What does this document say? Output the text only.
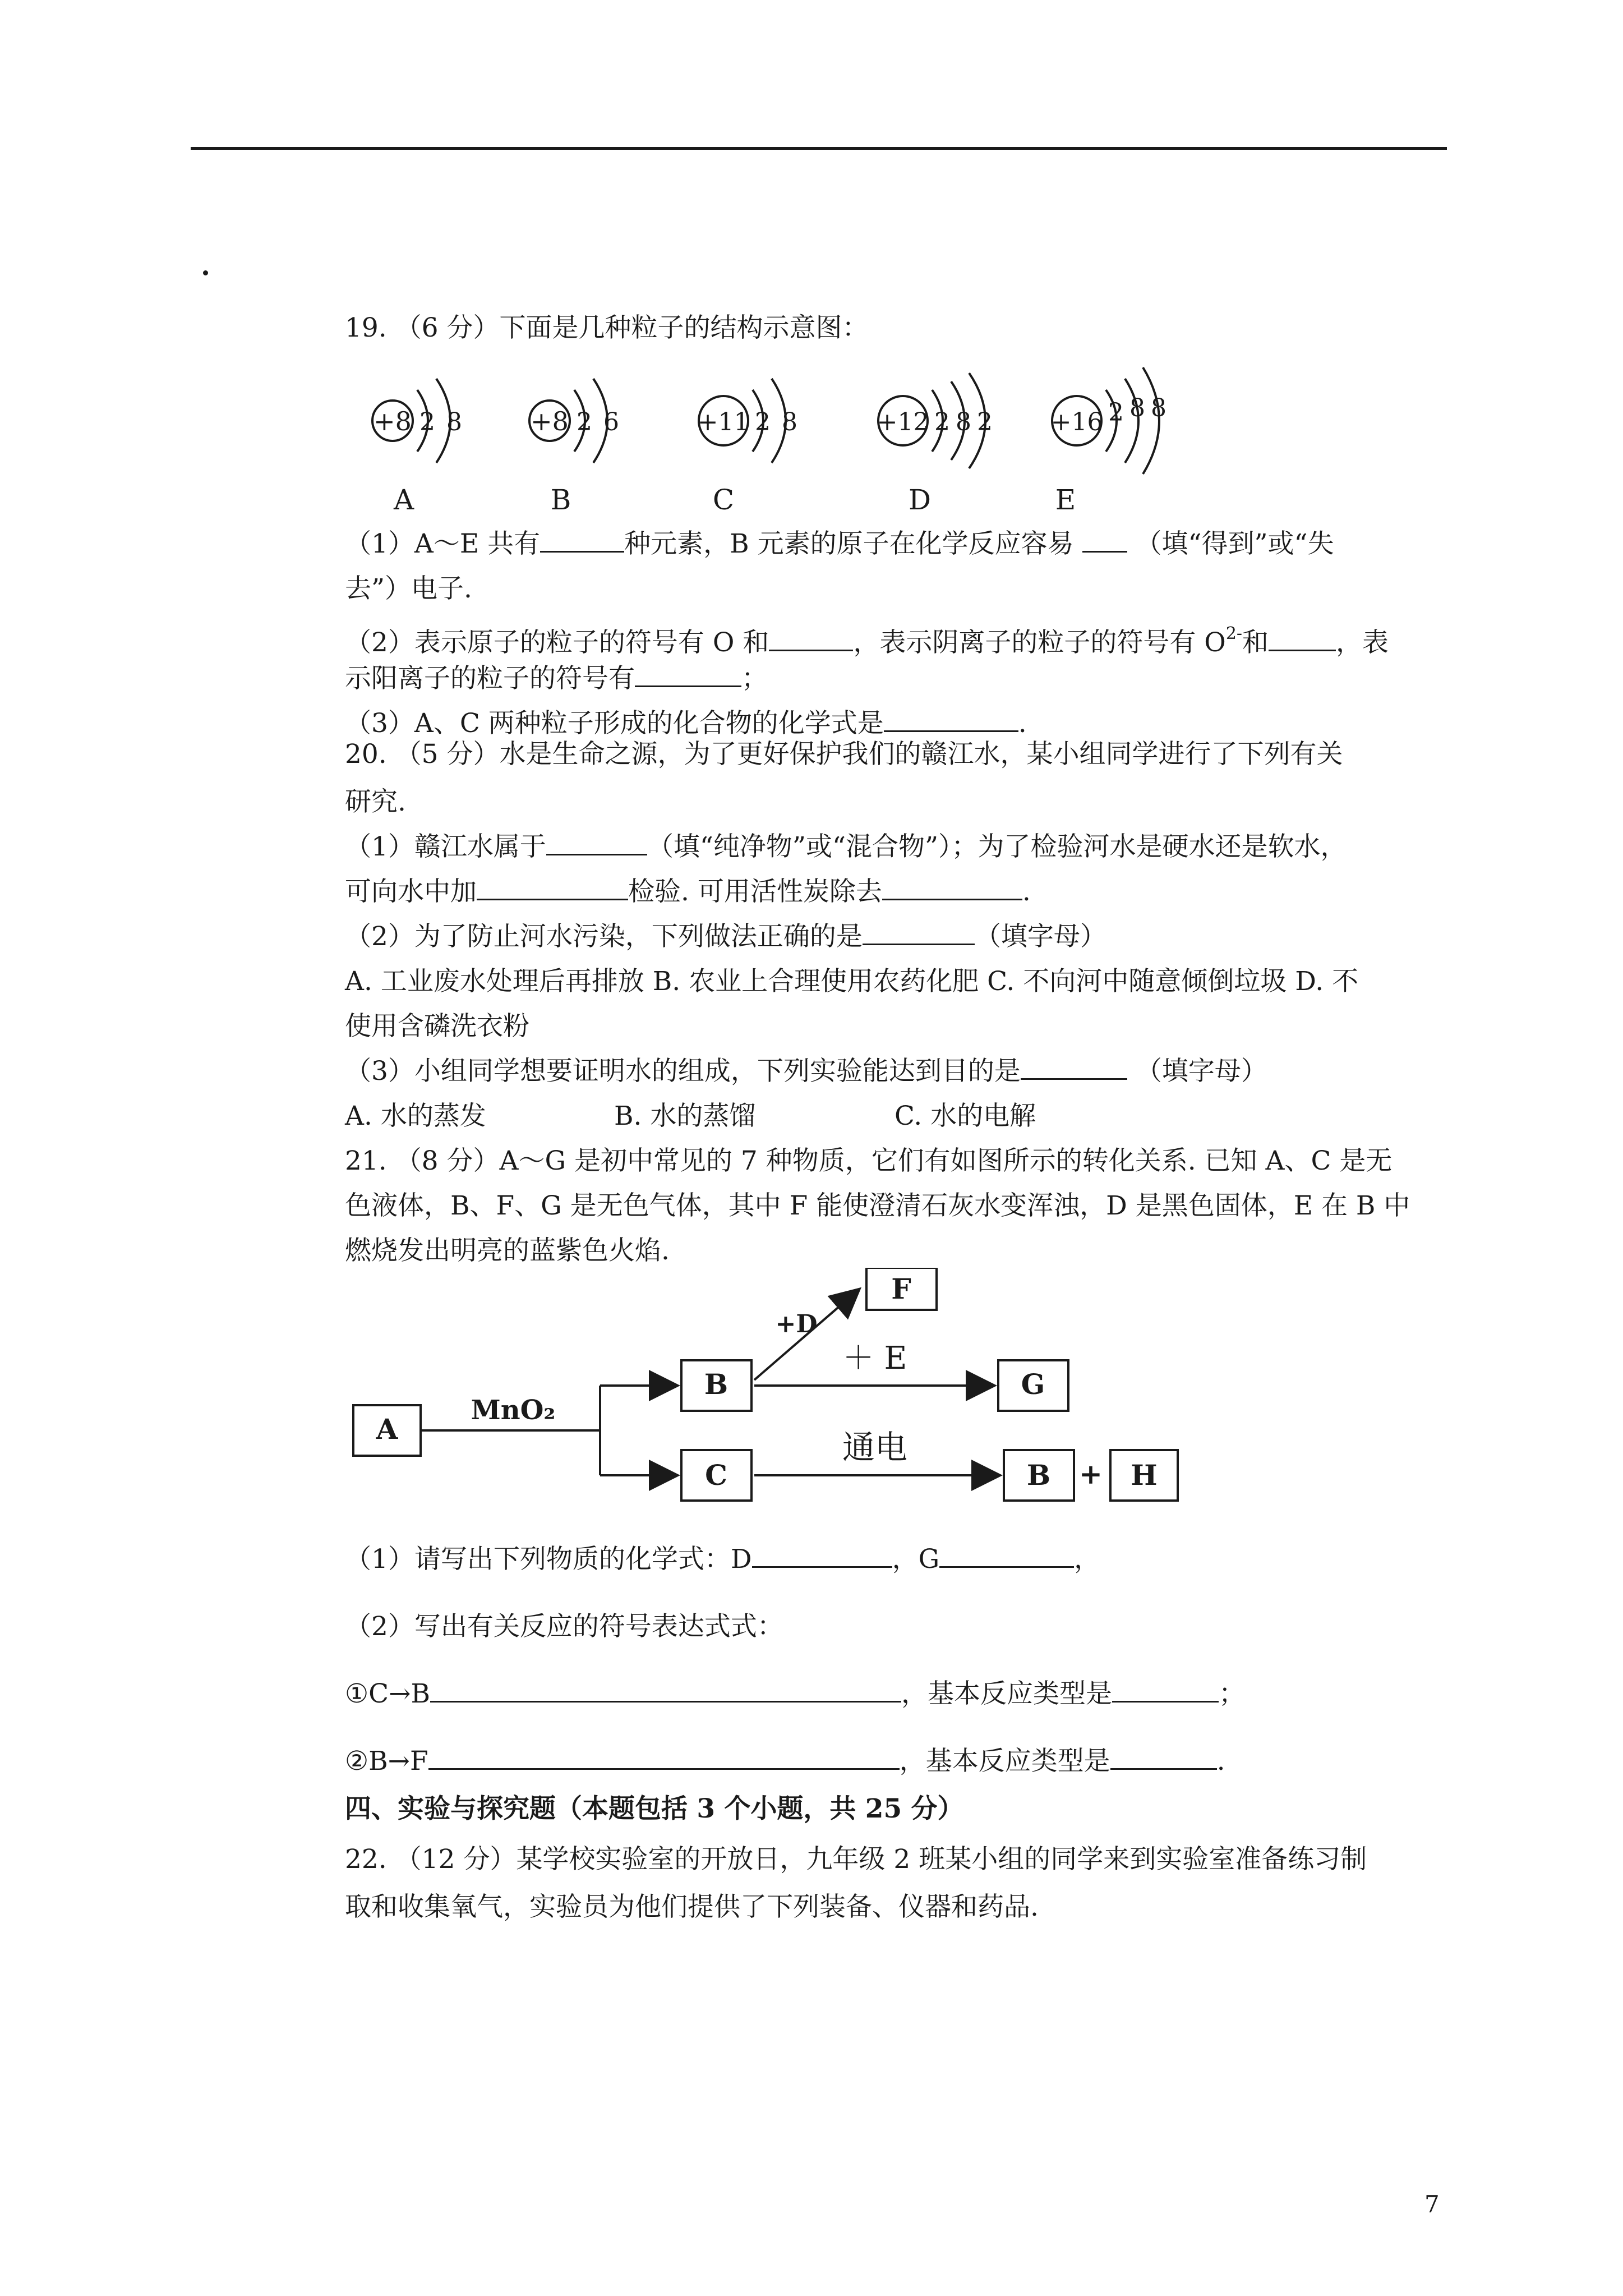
19. （6 分）下面是几种粒子的结构示意图：
+8 2 8
A
+8 2 6
B
+11 2 8
C
+12 2 8 2
D
+16 2 8 8
E
（1）A～E 共有	种元素，B 元素的原子在化学反应容易 （填“得到”或“失
去”）电子.
（2）表示原子的粒子的符号有 O 和	，表示阴离子的粒子的符号有 $O^{2-}$和	，表
示阳离子的粒子的符号有	；
（3）A、C 两种粒子形成的化合物的化学式是	.
20. （5 分）水是生命之源，为了更好保护我们的赣江水，某小组同学进行了下列有关
研究.
（1）赣江水属于	（填“纯净物”或“混合物”）；为了检验河水是硬水还是软水，
可向水中加	检验. 可用活性炭除去	.
（2）为了防止河水污染，下列做法正确的是	（填字母）
A. 工业废水处理后再排放 B. 农业上合理使用农药化肥 C. 不向河中随意倾倒垃圾 D. 不
使用含磷洗衣粉
（3）小组同学想要证明水的组成，下列实验能达到目的是	（填字母）
A. 水的蒸发	B. 水的蒸馏	C. 水的电解
21. （8 分）A～G 是初中常见的 7 种物质，它们有如图所示的转化关系. 已知 A、C 是无
色液体，B、F、G 是无色气体，其中 F 能使澄清石灰水变浑浊，D 是黑色固体，E 在 B 中
燃烧发出明亮的蓝紫色火焰.
A
MnO₂
B
C
+D
F
＋ E
G
通电
B + H
（1）请写出下列物质的化学式：D	，G	，
（2）写出有关反应的符号表达式式：
①C→B	，基本反应类型是	；
②B→F	，基本反应类型是	.
四、实验与探究题（本题包括 3 个小题，共 25 分）
22. （12 分）某学校实验室的开放日，九年级 2 班某小组的同学来到实验室准备练习制
取和收集氧气，实验员为他们提供了下列装备、仪器和药品.
7
